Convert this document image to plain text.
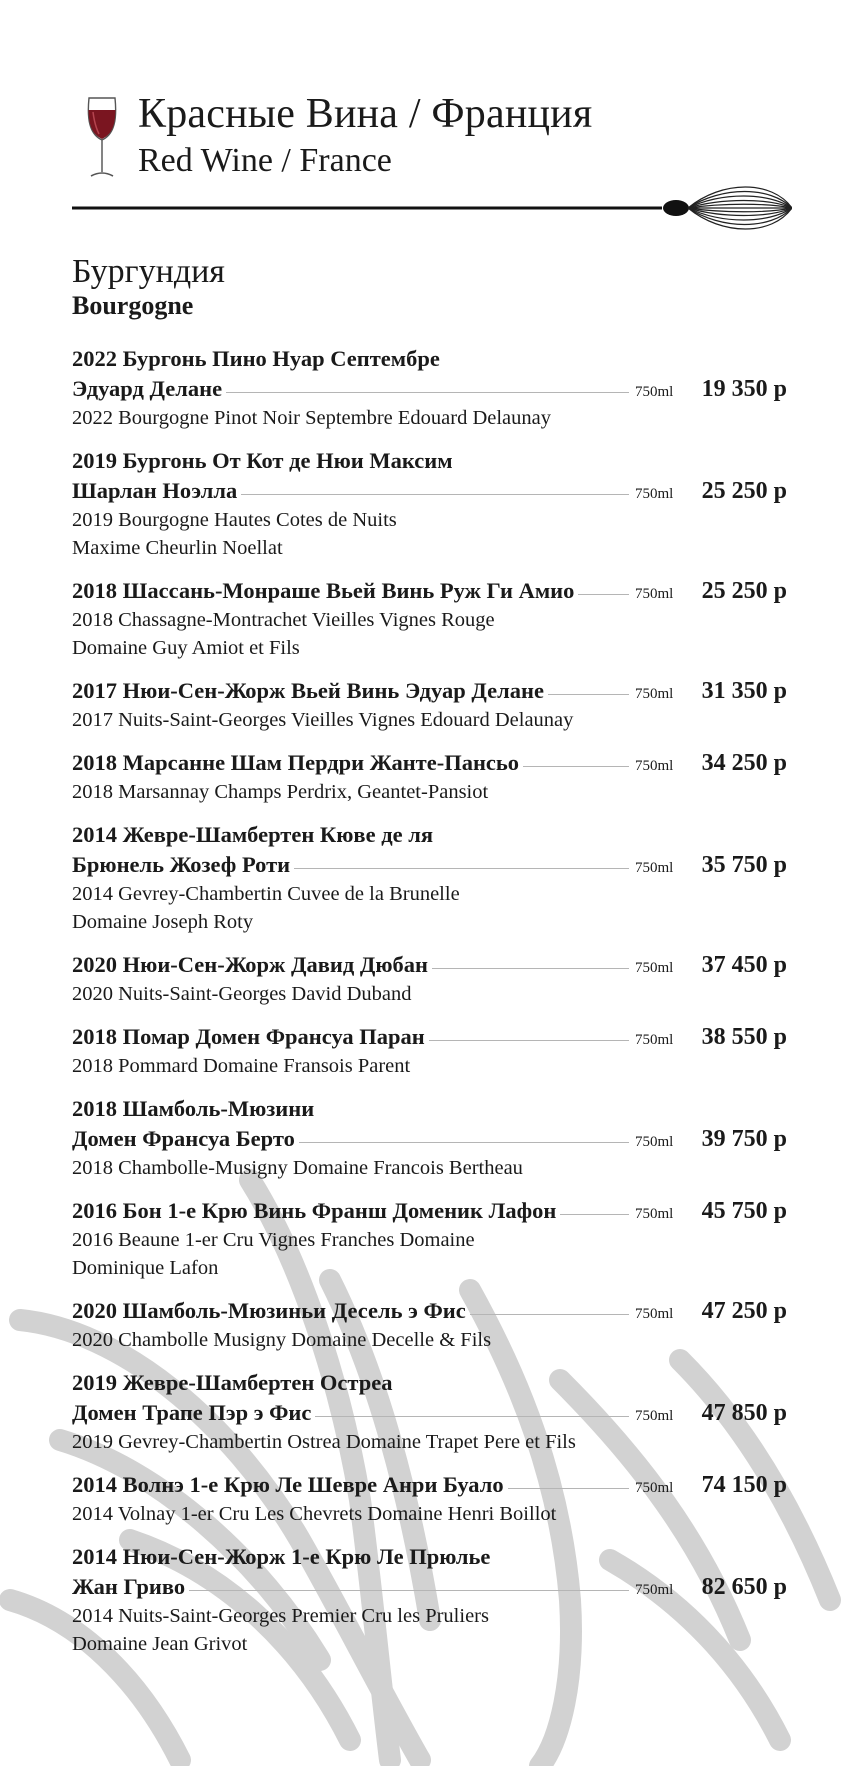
Красные Вина / Франция
Red Wine / France
Бургундия
Bourgogne
2022 Бургонь Пино Нуар Септембре
Эдуард Делане	750ml	19 350 р
2022 Bourgogne Pinot Noir Septembre Edouard Delaunay
2019 Бургонь От Кот де Нюи Максим
Шарлан Ноэлла	750ml	25 250 р
2019 Bourgogne Hautes Cotes de Nuits
Maxime Cheurlin Noellat
2018 Шассань-Монраше Вьей Винь Руж Ги Амио	750ml	25 250 р
2018 Chassagne-Montrachet Vieilles Vignes Rouge
Domaine Guy Amiot et Fils
2017 Нюи-Сен-Жорж Вьей Винь Эдуар Делане	750ml	31 350 р
2017 Nuits-Saint-Georges Vieilles Vignes Edouard Delaunay
2018 Марсанне Шам Пердри Жанте-Пансьо	750ml	34 250 р
2018 Marsannay Champs Perdrix, Geantet-Pansiot
2014 Жевре-Шамбертен Кюве де ля
Брюнель Жозеф Роти	750ml	35 750 р
2014 Gevrey-Chambertin Cuvee de la Brunelle
Domaine Joseph Roty
2020 Нюи-Сен-Жорж Давид Дюбан	750ml	37 450 р
2020 Nuits-Saint-Georges David Duband
2018 Помар Домен Франсуа Паран	750ml	38 550 р
2018 Pommard Domaine Fransois Parent
2018 Шамболь-Мюзини
Домен Франсуа Берто	750ml	39 750 р
2018 Chambolle-Musigny Domaine Francois Bertheau
2016 Бон 1-е Крю Винь Франш Доменик Лафон	750ml	45 750 р
2016 Beaune 1-er Cru Vignes Franches Domaine
Dominique Lafon
2020 Шамболь-Мюзиньи Десель э Фис	750ml	47 250 р
2020 Chambolle Musigny Domaine Decelle & Fils
2019 Жевре-Шамбертен Остреа
Домен Трапе Пэр э Фис	750ml	47 850 р
2019 Gevrey-Chambertin Ostrea Domaine Trapet Pere et Fils
2014 Волнэ 1-е Крю Ле Шевре Анри Буало	750ml	74 150 р
2014 Volnay 1-er Cru Les Chevrets Domaine Henri Boillot
2014 Нюи-Сен-Жорж 1-е Крю Ле Прюлье
Жан Гриво	750ml	82 650 р
2014 Nuits-Saint-Georges Premier Cru les Pruliers
Domaine Jean Grivot
